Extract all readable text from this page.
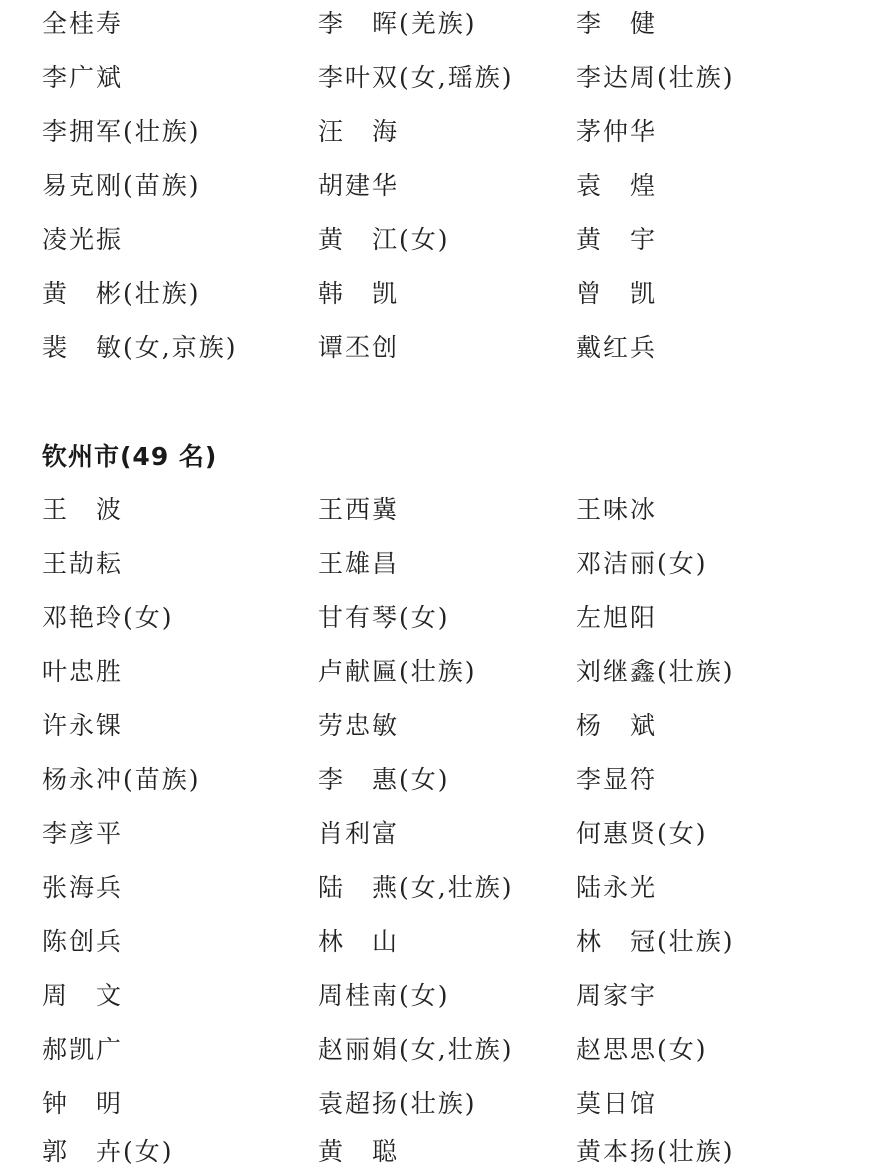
全桂寿	李　晖(羌族)	李　健
李广斌	李叶双(女,瑶族)	李达周(壮族)
李拥军(壮族)	汪　海	茅仲华
易克刚(苗族)	胡建华	袁　煌
凌光振	黄　江(女)	黄　宇
黄　彬(壮族)	韩　凯	曾　凯
裴　敏(女,京族)	谭丕创	戴红兵
钦州市(49 名)
王　波	王西冀	王味冰
王劼耘	王雄昌	邓洁丽(女)
邓艳玲(女)	甘有琴(女)	左旭阳
叶忠胜	卢献匾(壮族)	刘继鑫(壮族)
许永锞	劳忠敏	杨　斌
杨永冲(苗族)	李　惠(女)	李显符
李彦平	肖利富	何惠贤(女)
张海兵	陆　燕(女,壮族)	陆永光
陈创兵	林　山	林　冠(壮族)
周　文	周桂南(女)	周家宇
郝凯广	赵丽娟(女,壮族)	赵思思(女)
钟　明	袁超扬(壮族)	莫日馆
郭　卉(女)	黄　聪	黄本扬(壮族)
